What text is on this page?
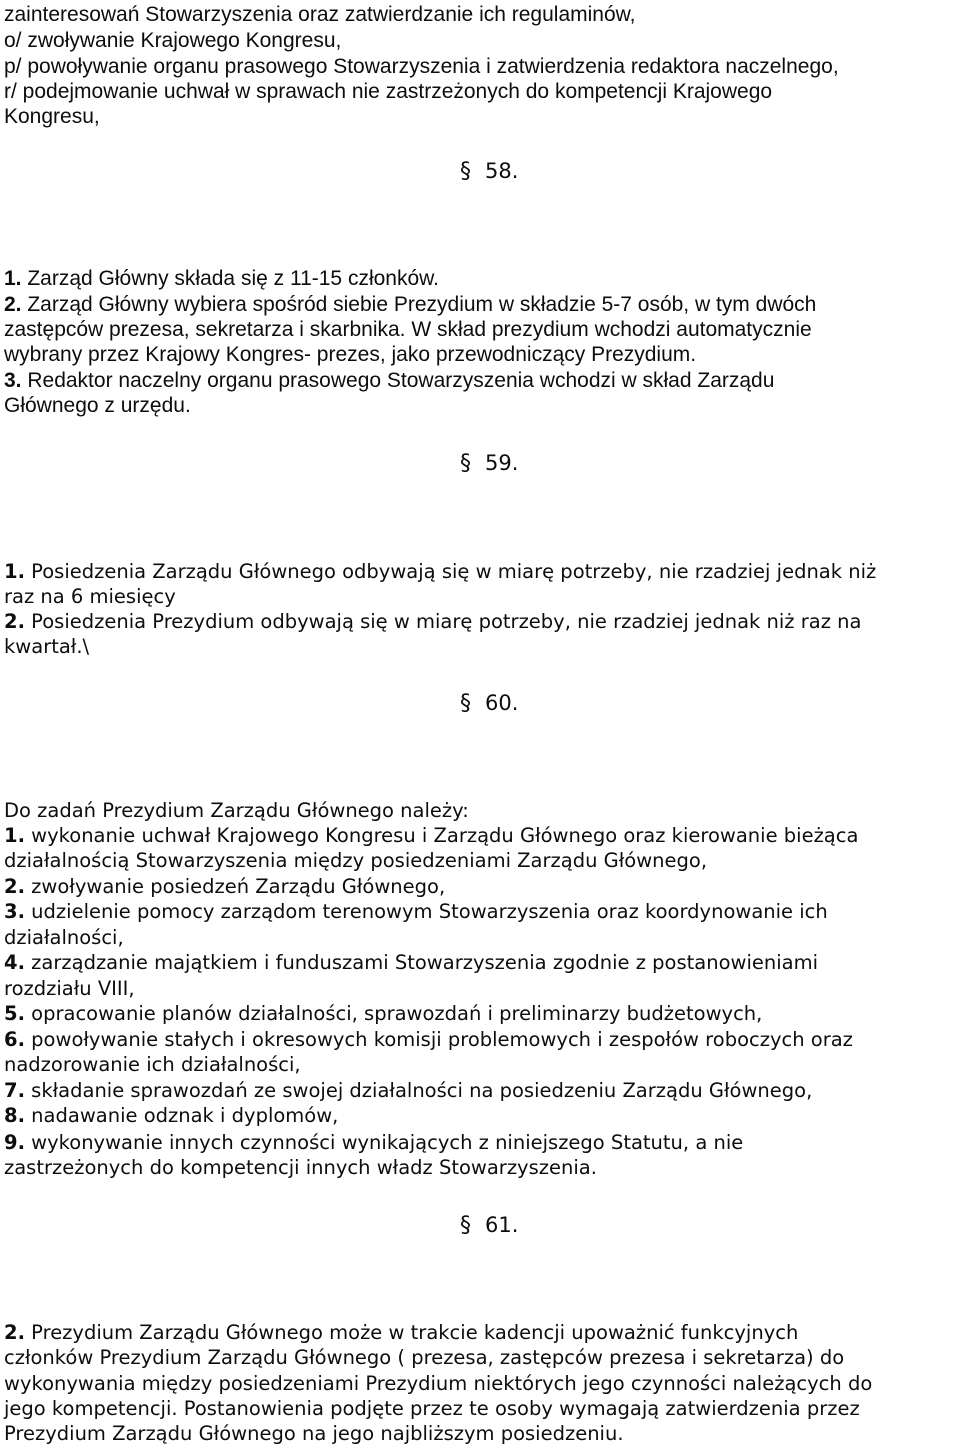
zainteresowań Stowarzyszenia oraz zatwierdzanie ich regulaminów,
o/ zwoływanie Krajowego Kongresu,
p/ powoływanie organu prasowego Stowarzyszenia i zatwierdzenia redaktora naczelnego,
r/ podejmowanie uchwał w sprawach nie zastrzeżonych do kompetencji Krajowego
Kongresu,
§ 58.
1. Zarząd Główny składa się z 11-15 członków.
2. Zarząd Główny wybiera spośród siebie Prezydium w składzie 5-7 osób, w tym dwóch
zastępców prezesa, sekretarza i skarbnika. W skład prezydium wchodzi automatycznie
wybrany przez Krajowy Kongres- prezes, jako przewodniczący Prezydium.
3. Redaktor naczelny organu prasowego Stowarzyszenia wchodzi w skład Zarządu
Głównego z urzędu.
§ 59.
1. Posiedzenia Zarządu Głównego odbywają się w miarę potrzeby, nie rzadziej jednak niż
raz na 6 miesięcy
2. Posiedzenia Prezydium odbywają się w miarę potrzeby, nie rzadziej jednak niż raz na
kwartał.\
§ 60.
Do zadań Prezydium Zarządu Głównego należy:
1. wykonanie uchwał Krajowego Kongresu i Zarządu Głównego oraz kierowanie bieżąca
działalnością Stowarzyszenia między posiedzeniami Zarządu Głównego,
2. zwoływanie posiedzeń Zarządu Głównego,
3. udzielenie pomocy zarządom terenowym Stowarzyszenia oraz koordynowanie ich
działalności,
4. zarządzanie majątkiem i funduszami Stowarzyszenia zgodnie z postanowieniami
rozdziału VIII,
5. opracowanie planów działalności, sprawozdań i preliminarzy budżetowych,
6. powoływanie stałych i okresowych komisji problemowych i zespołów roboczych oraz
nadzorowanie ich działalności,
7. składanie sprawozdań ze swojej działalności na posiedzeniu Zarządu Głównego,
8. nadawanie odznak i dyplomów,
9. wykonywanie innych czynności wynikających z niniejszego Statutu, a nie
zastrzeżonych do kompetencji innych władz Stowarzyszenia.
§ 61.
2. Prezydium Zarządu Głównego może w trakcie kadencji upoważnić funkcyjnych
członków Prezydium Zarządu Głównego ( prezesa, zastępców prezesa i sekretarza) do
wykonywania między posiedzeniami Prezydium niektórych jego czynności należących do
jego kompetencji. Postanowienia podjęte przez te osoby wymagają zatwierdzenia przez
Prezydium Zarządu Głównego na jego najbliższym posiedzeniu.
